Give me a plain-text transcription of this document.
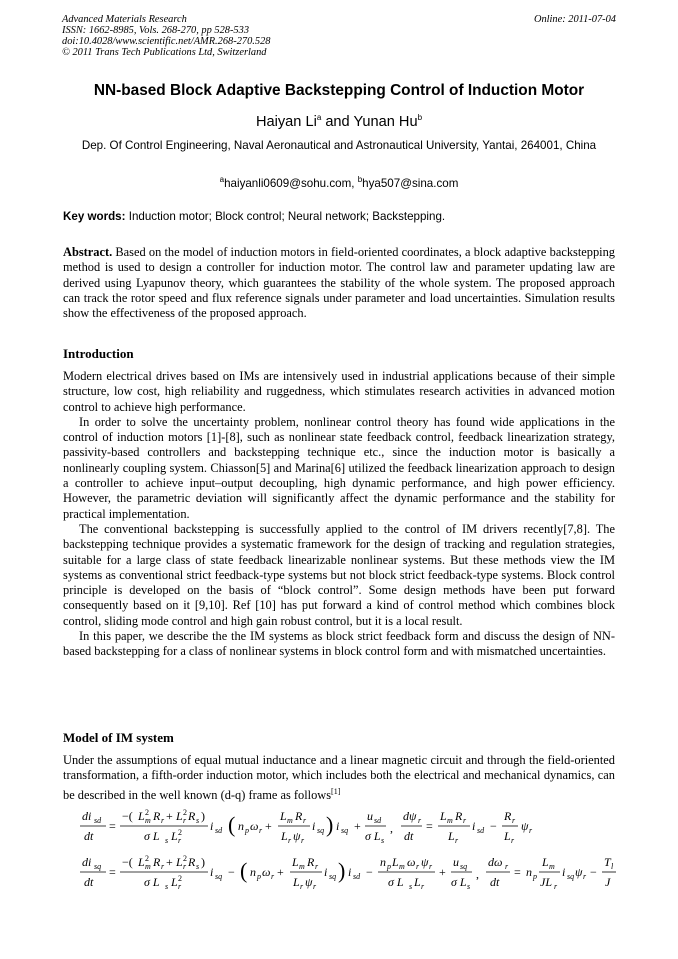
Advanced Materials Research
ISSN: 1662-8985, Vols. 268-270, pp 528-533
doi:10.4028/www.scientific.net/AMR.268-270.528
© 2011 Trans Tech Publications Ltd, Switzerland
Online: 2011-07-04
NN-based Block Adaptive Backstepping Control of Induction Motor
Haiyan Li$^a$ and Yunan Hu$^b$
Dep. Of Control Engineering, Naval Aeronautical and Astronautical University, Yantai, 264001, China
$^a$haiyanli0609@sohu.com, $^b$hya507@sina.com
Key words: Induction motor; Block control; Neural network; Backstepping.
Abstract. Based on the model of induction motors in field-oriented coordinates, a block adaptive backstepping method is used to design a controller for induction motor. The control law and parameter updating law are derived using Lyapunov theory, which guarantees the stability of the whole system. The proposed approach can track the rotor speed and flux reference signals under parameter and load uncertainties. Simulation results show the effectiveness of the proposed approach.
Introduction

Modern electrical drives based on IMs are intensively used in industrial applications because of their simple structure, low cost, high reliability and ruggedness, which stimulates research activities in advanced motion control to achieve high performance.

In order to solve the uncertainty problem, nonlinear control theory has found wide applications in the control of induction motors [1]-[8], such as nonlinear state feedback control, feedback linearization strategy, passivity-based controllers and backstepping technique etc., since the induction motor is basically a nonlinearly coupling system. Chiasson[5] and Marina[6] utilized the feedback linearization approach to design a controller to achieve input–output decoupling, high dynamic performance, and high power efficiency. However, the parametric deviation will significantly affect the dynamic performance and the stability for practical implementation.

The conventional backstepping is successfully applied to the control of IM drivers recently[7,8]. The backstepping technique provides a systematic framework for the design of tracking and regulation strategies, suitable for a large class of state feedback linearizable nonlinear systems. But these methods view the IM systems as conventional strict feedback-type systems but not block strict feedback-type systems. Block control principle is developed on the basis of “block control”. Some design methods have been put forward consequently based on it [9,10]. Ref [10] has put forward a kind of control method which combines block control, sliding mode control and high gain robust control, but it is a local result.

In this paper, we describe the the IM systems as block strict feedback form and discuss the design of NN-based backstepping for a class of nonlinear systems in block control form and with mismatched uncertainties.

Model of IM system
Under the assumptions of equal mutual inductance and a linear magnetic circuit and through the field-oriented transformation, a fifth-order induction motor, which includes both the electrical and mechanical dynamics, can be described in the well known (d-q) frame as follows[1]
di sd
dt
=
−( L 2
m R r + L 2
r R s )
σ L s L 2
r
i sd ( n p ω r +
L m R r
L r ψ r
i sq ) i sq +
u sd
σ L s
,
dψ r
dt
=
L m R r
L r
i sd −
R r
L r
ψ r
di sq
dt
=
−( L 2
m R r + L 2
r R s )
σ L s L 2
r
i sq − ( n p ω r +
L m R r
L r ψ r
i sq ) i sd −
n p L m ω r ψ r
σ L s L r
+
u sq
σ L s
,
dω r
dt
= n p
L m
JL r
i sq ψ r −
T l
J
